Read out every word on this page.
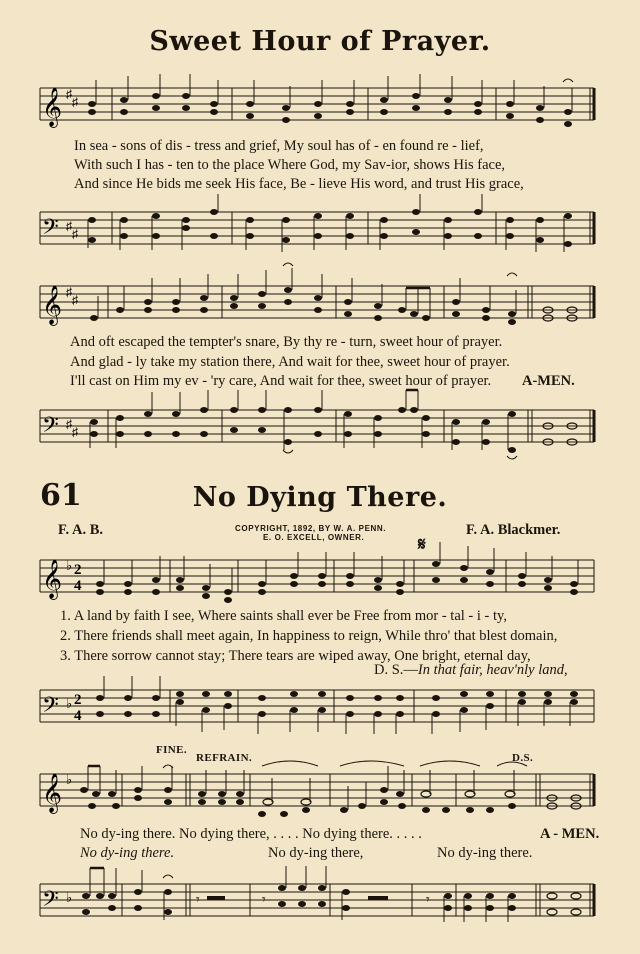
Sweet Hour of Prayer.
𝄞 ♯
♯
In sea - sons of dis - tress and grief, My soul has of - en found re - lief,
With such I has - ten to the place Where God, my Sav-ior, shows His face,
And since He bids me seek His face, Be - lieve His word, and trust His grace,
𝄢 ♯
♯
𝄞 ♯
♯
And oft escaped the tempter's snare, By thy re - turn, sweet hour of prayer.
And glad - ly take my station there, And wait for thee, sweet hour of prayer.
I'll cast on Him my ev - 'ry care, And wait for thee, sweet hour of prayer. A-MEN.
𝄢 ♯
♯
61	No Dying There.
F. A. B.	COPYRIGHT, 1892, BY W. A. PENN.
E. O. EXCELL, OWNER.	F. A. Blackmer.
𝄋
𝄞 ♭ 2
4
1. A land by faith I see, Where saints shall ever be Free from mor - tal - i - ty,
2. There friends shall meet again, In happiness to reign, While thro' that blest domain,
3. There sorrow cannot stay; There tears are wiped away, One bright, eternal day,
D. S.—In that fair, heav'nly land,
𝄢 ♭ 2
4
FINE.
REFRAIN.	D.S.
𝄞 ♭
No dy-ing there. No dying there, . . . . No dying there. . . . .	A - MEN.
No dy-ing there.	No dy-ing there,	No dy-ing there.
𝄢 ♭	𝄾	𝄾	𝄾
